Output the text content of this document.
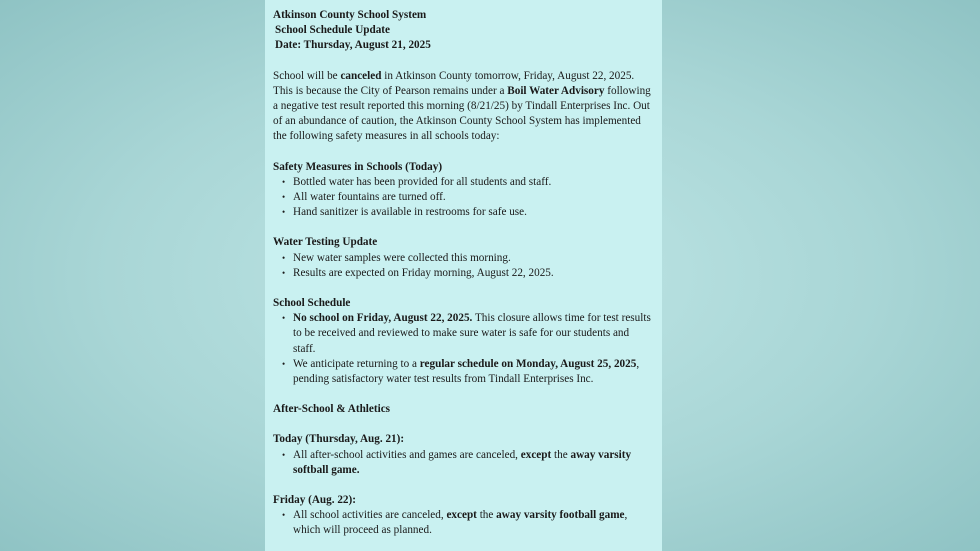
Atkinson County School System
School Schedule Update
Date: Thursday, August 21, 2025

School will be canceled in Atkinson County tomorrow, Friday, August 22, 2025. This is because the City of Pearson remains under a Boil Water Advisory following a negative test result reported this morning (8/21/25) by Tindall Enterprises Inc. Out of an abundance of caution, the Atkinson County School System has implemented the following safety measures in all schools today:

Safety Measures in Schools (Today)
• Bottled water has been provided for all students and staff.
• All water fountains are turned off.
• Hand sanitizer is available in restrooms for safe use.
Water Testing Update
• New water samples were collected this morning.
• Results are expected on Friday morning, August 22, 2025.
School Schedule
• No school on Friday, August 22, 2025. This closure allows time for test results to be received and reviewed to make sure water is safe for our students and staff.
• We anticipate returning to a regular schedule on Monday, August 25, 2025, pending satisfactory water test results from Tindall Enterprises Inc.
After-School & Athletics
Today (Thursday, Aug. 21):
• All after-school activities and games are canceled, except the away varsity softball game.
Friday (Aug. 22):
• All school activities are canceled, except the away varsity football game, which will proceed as planned.
